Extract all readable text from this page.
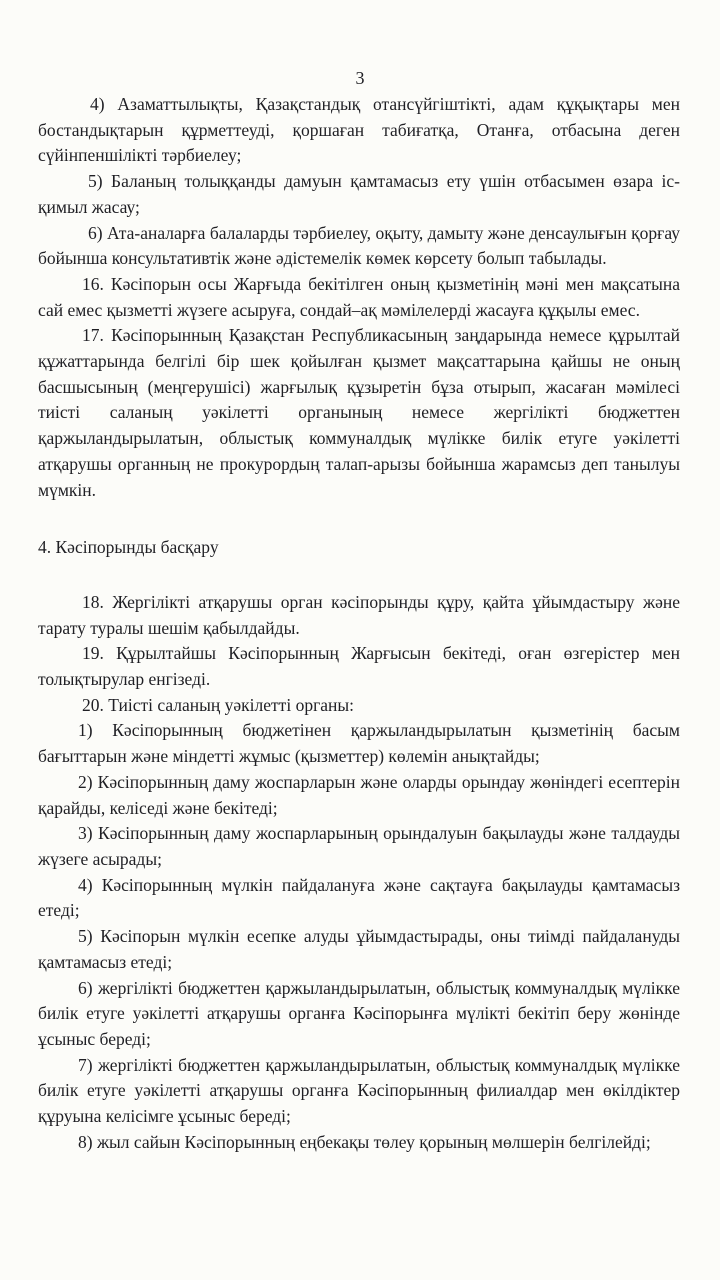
3

4) Азаматтылықты, Қазақстандық отансүйгіштікті, адам құқықтары мен бостандықтарын құрметтеуді, қоршаған табиғатқа, Отанға, отбасына деген сүйінпеншілікті тәрбиелеу;

5) Баланың толыққанды дамуын қамтамасыз ету үшін отбасымен өзара іс-қимыл жасау;

6) Ата-аналарға балаларды тәрбиелеу, оқыту, дамыту және денсаулығын қорғау бойынша консультативтік және әдістемелік көмек көрсету болып табылады.

16. Кәсіпорын осы Жарғыда бекітілген оның қызметінің мәні мен мақсатына сай емес қызметті жүзеге асыруға, сондай–ақ мәмілелерді жасауға құқылы емес.

17. Кәсіпорынның Қазақстан Республикасының заңдарында немесе құрылтай құжаттарында белгілі бір шек қойылған қызмет мақсаттарына қайшы не оның басшысының (меңгерушісі) жарғылық құзыретін бұза отырып, жасаған мәмілесі тиісті саланың уәкілетті органының немесе жергілікті бюджеттен қаржыландырылатын, облыстық коммуналдық мүлікке билік етуге уәкілетті атқарушы органның не прокурордың талап-арызы бойынша жарамсыз деп танылуы мүмкін.

4. Кәсіпорынды басқару

18. Жергілікті атқарушы орган кәсіпорынды құру, қайта ұйымдастыру және тарату туралы шешім қабылдайды.

19. Құрылтайшы Кәсіпорынның Жарғысын бекітеді, оған өзгерістер мен толықтырулар енгізеді.

20. Тиісті саланың уәкілетті органы:

1) Кәсіпорынның бюджетінен қаржыландырылатын қызметінің басым бағыттарын және міндетті жұмыс (қызметтер) көлемін анықтайды;

2) Кәсіпорынның даму жоспарларын және оларды орындау жөніндегі есептерін қарайды, келіседі және бекітеді;

3) Кәсіпорынның даму жоспарларының орындалуын бақылауды және талдауды жүзеге асырады;

4) Кәсіпорынның мүлкін пайдалануға және сақтауға бақылауды қамтамасыз етеді;

5) Кәсіпорын мүлкін есепке алуды ұйымдастырады, оны тиімді пайдалануды қамтамасыз етеді;

6) жергілікті бюджеттен қаржыландырылатын, облыстық коммуналдық мүлікке билік етуге уәкілетті атқарушы органға Кәсіпорынға мүлікті бекітіп беру жөнінде ұсыныс береді;

7) жергілікті бюджеттен қаржыландырылатын, облыстық коммуналдық мүлікке билік етуге уәкілетті атқарушы органға Кәсіпорынның филиалдар мен өкілдіктер құруына келісімге ұсыныс береді;

8) жыл сайын Кәсіпорынның еңбекақы төлеу қорының мөлшерін белгілейді;
